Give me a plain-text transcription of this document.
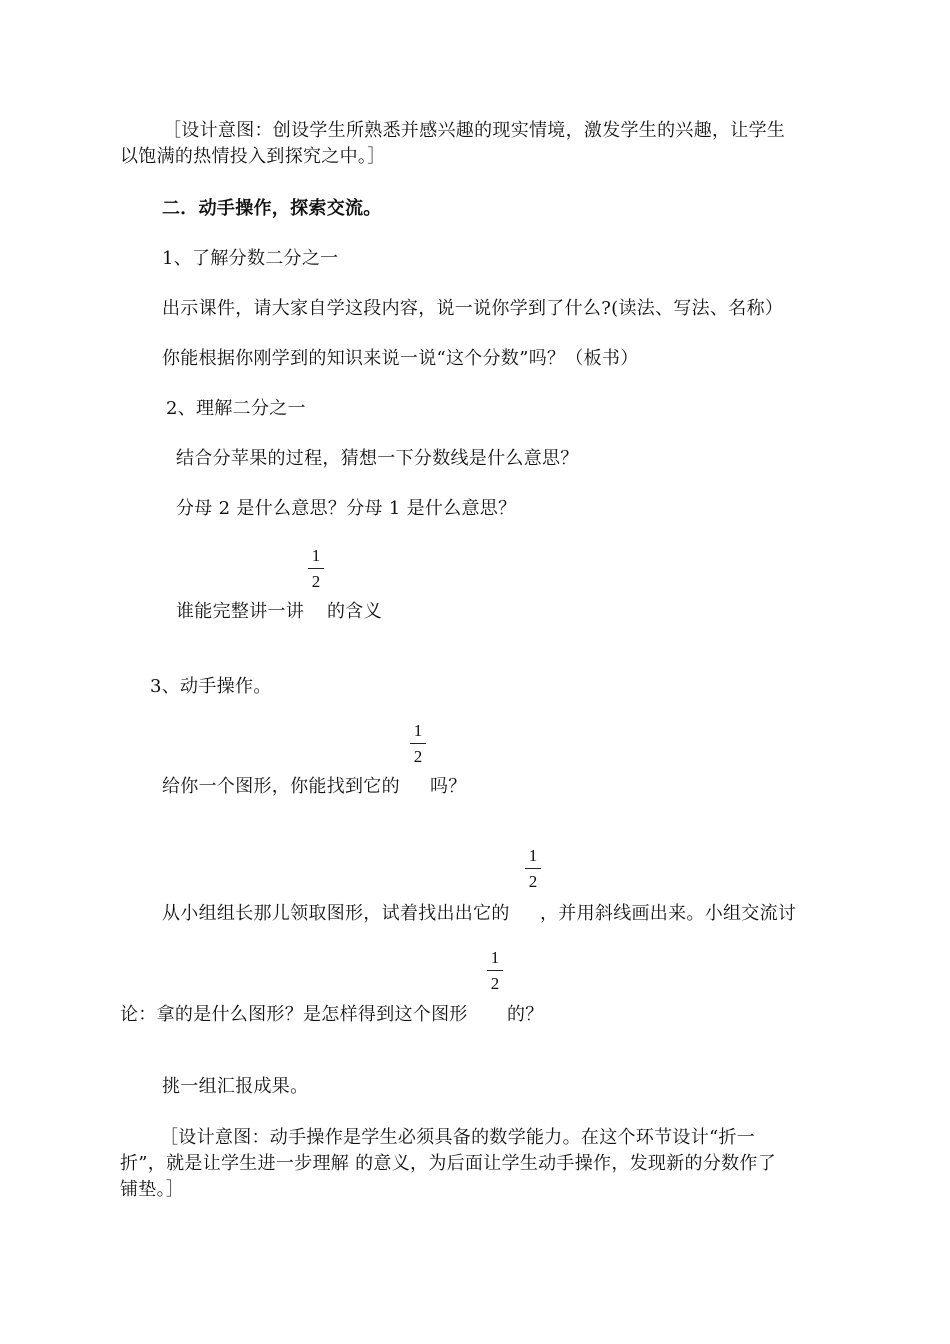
［设计意图：创设学生所熟悉并感兴趣的现实情境，激发学生的兴趣，让学生
以饱满的热情投入到探究之中。］
二．动手操作，探索交流。
1、了解分数二分之一
出示课件，请大家自学这段内容，说一说你学到了什么?(读法、写法、名称）
你能根据你刚学到的知识来说一说“这个分数”吗？（板书）
2、理解二分之一
结合分苹果的过程，猜想一下分数线是什么意思？
分母 2 是什么意思？分母 1 是什么意思？
1
2
谁能完整讲一讲 的含义
3、动手操作。
1
2
给你一个图形，你能找到它的 吗？
1
2
从小组组长那儿领取图形，试着找出出它的 ，并用斜线画出来。小组交流讨
1
2
论：拿的是什么图形？是怎样得到这个图形 的？
挑一组汇报成果。
［设计意图：动手操作是学生必须具备的数学能力。在这个环节设计“折一
折”，就是让学生进一步理解 的意义，为后面让学生动手操作，发现新的分数作了
铺垫。］
